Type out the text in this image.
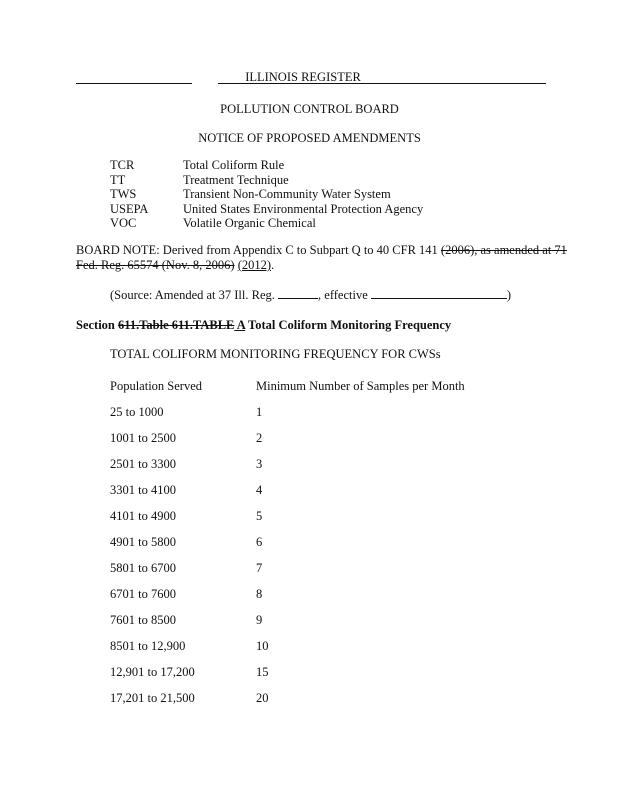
ILLINOIS REGISTER
POLLUTION CONTROL BOARD
NOTICE OF PROPOSED AMENDMENTS
TCR	Total Coliform Rule
TT	Treatment Technique
TWS	Transient Non-Community Water System
USEPA	United States Environmental Protection Agency
VOC	Volatile Organic Chemical
BOARD NOTE: Derived from Appendix C to Subpart Q to 40 CFR 141 (2006), as amended at 71
Fed. Reg. 65574 (Nov. 8, 2006) (2012).
(Source: Amended at 37 Ill. Reg.	, effective	)
Section 611.Table 611.TABLE A Total Coliform Monitoring Frequency
TOTAL COLIFORM MONITORING FREQUENCY FOR CWSs
Population Served	Minimum Number of Samples per Month
25 to 1000	1
1001 to 2500	2
2501 to 3300	3
3301 to 4100	4
4101 to 4900	5
4901 to 5800	6
5801 to 6700	7
6701 to 7600	8
7601 to 8500	9
8501 to 12,900	10
12,901 to 17,200	15
17,201 to 21,500	20
